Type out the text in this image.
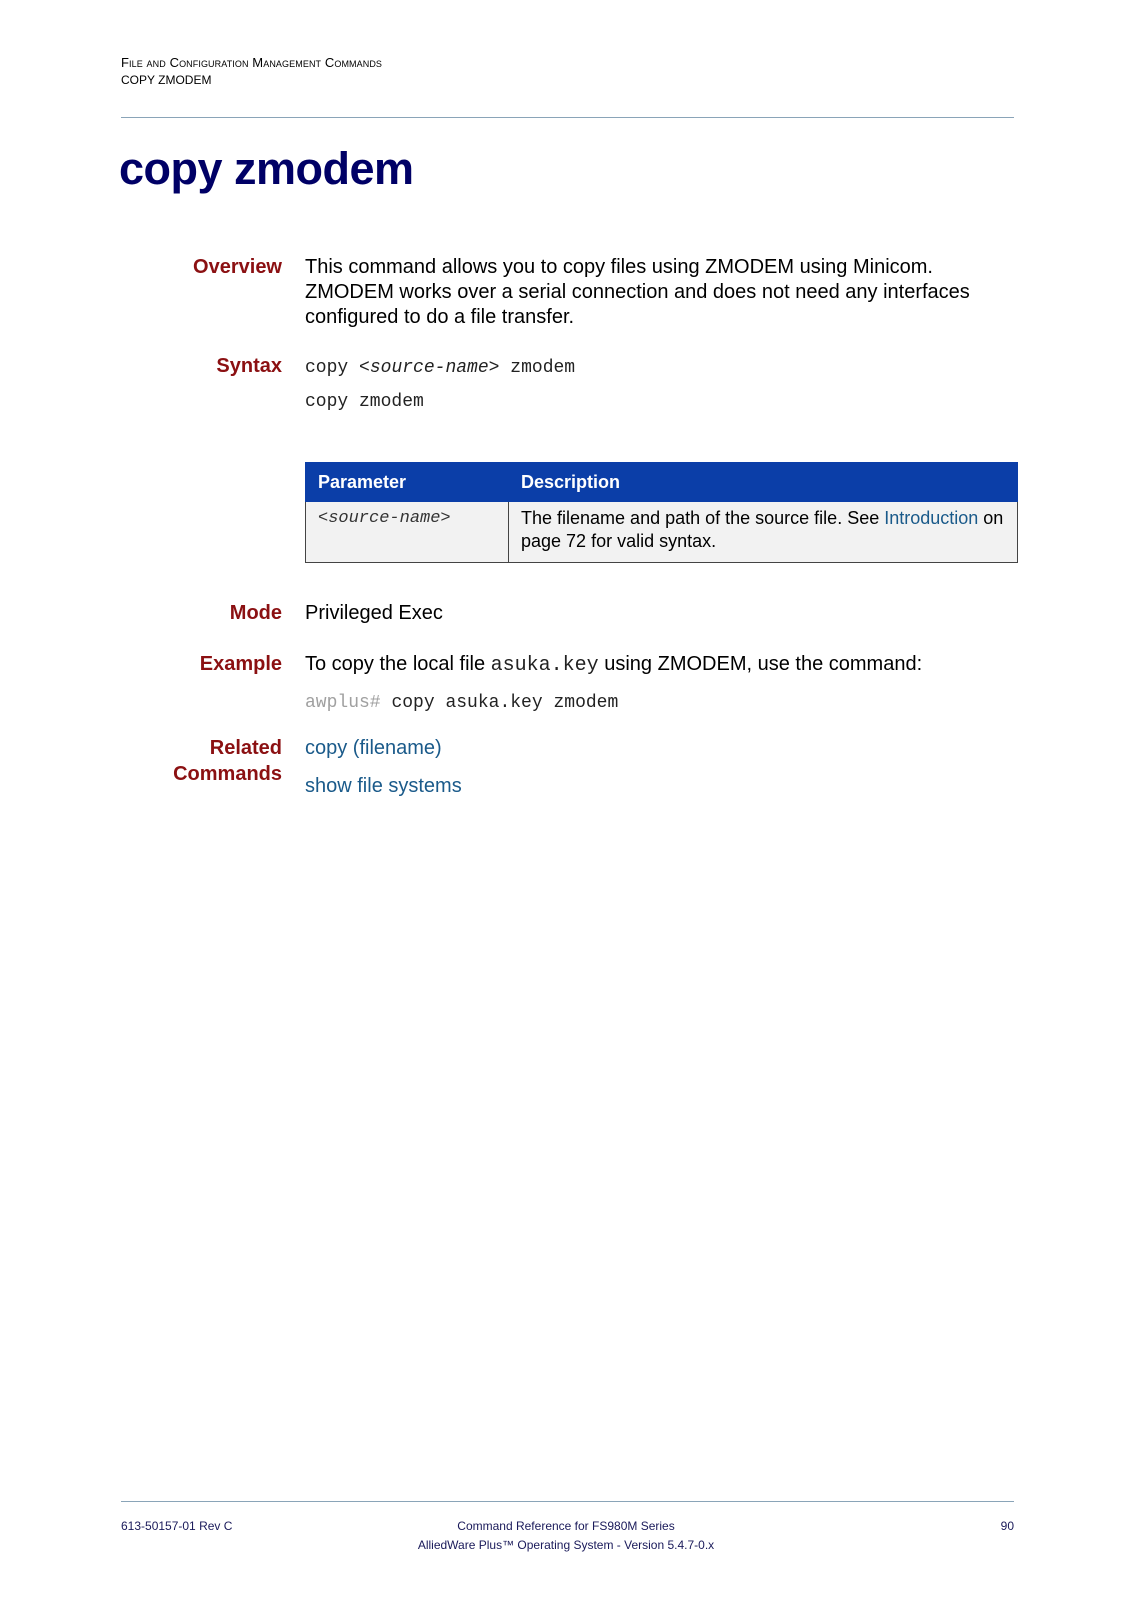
File and Configuration Management Commands
COPY ZMODEM
copy zmodem
Overview This command allows you to copy files using ZMODEM using Minicom. ZMODEM works over a serial connection and does not need any interfaces configured to do a file transfer.
Syntax copy <source-name> zmodem
copy zmodem
Parameter	Description
<source-name>	The filename and path of the source file. See Introduction on page 72 for valid syntax.
Mode Privileged Exec
Example To copy the local file asuka.key using ZMODEM, use the command:
awplus# copy asuka.key zmodem
Related
Commands
copy (filename)
show file systems
613-50157-01 Rev C	Command Reference for FS980M Series
AlliedWare Plus™ Operating System - Version 5.4.7-0.x
90
